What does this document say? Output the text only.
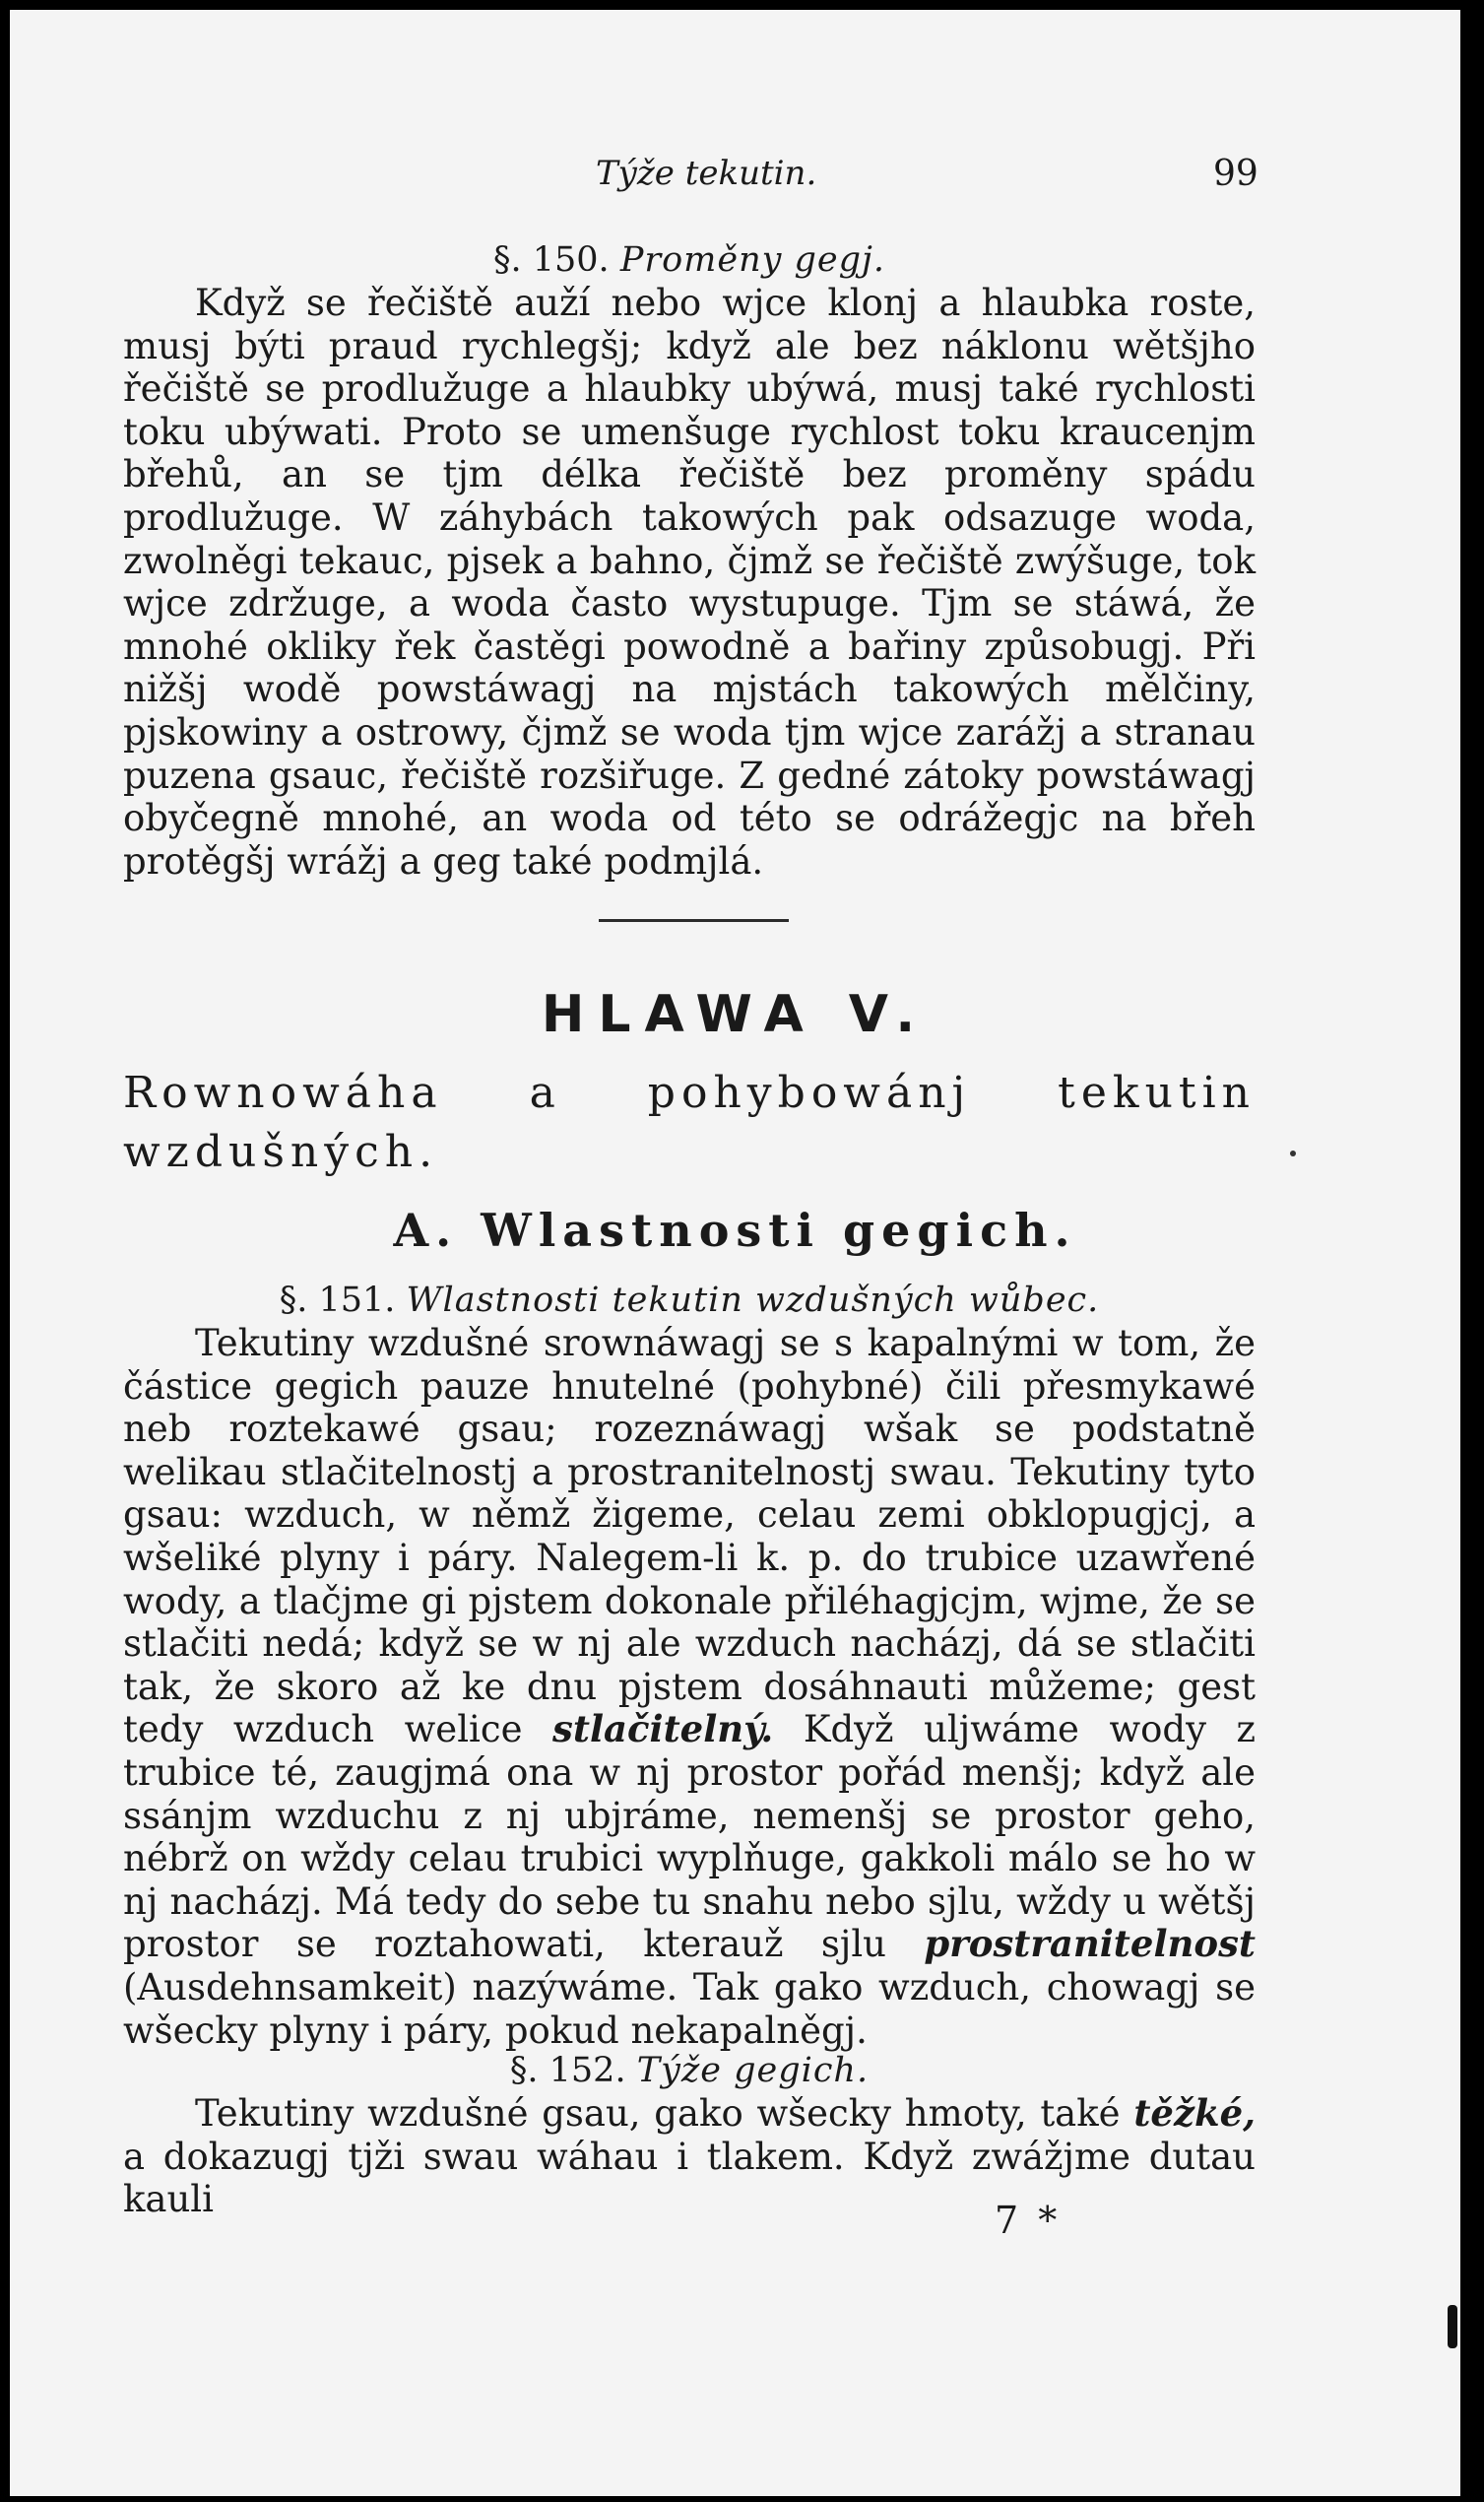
Týže tekutin.	99

§. 150. Proměny gegj.

Když se řečiště auží nebo wjce klonj a hlaubka roste, musj býti praud rychlegšj; když ale bez náklonu wětšjho řečiště se prodlužuge a hlaubky ubýwá, musj také rychlosti toku ubýwati. Proto se umenšuge rychlost toku kraucenjm břehů, an se tjm délka řečiště bez proměny spádu prodlužuge. W záhybách takowých pak odsazuge woda, zwolněgi tekauc, pjsek a bahno, čjmž se řečiště zwýšuge, tok wjce zdržuge, a woda často wystupuge. Tjm se stáwá, že mnohé okliky řek častěgi powodně a bařiny způsobugj. Při nižšj wodě powstáwagj na mjstách takowých mělčiny, pjskowiny a ostrowy, čjmž se woda tjm wjce zarážj a stranau puzena gsauc, řečiště rozšiřuge. Z gedné zátoky powstáwagj obyčegně mnohé, an woda od této se odrážegjc na břeh protěgšj wrážj a geg také podmjlá.

HLAWA V.
Rownowáha a pohybowánj tekutin wzdušných.
A. Wlastnosti gegich.

§. 151. Wlastnosti tekutin wzdušných wůbec.

Tekutiny wzdušné srownáwagj se s kapalnými w tom, že částice gegich pauze hnutelné (pohybné) čili přesmykawé neb roztekawé gsau; rozeznáwagj wšak se podstatně welikau stlačitelnostj a prostranitelnostj swau. Tekutiny tyto gsau: wzduch, w němž žigeme, celau zemi obklopugjcj, a wšeliké plyny i páry. Nalegem-li k. p. do trubice uzawřené wody, a tlačjme gi pjstem dokonale přiléhagjcjm, wjme, že se stlačiti nedá; když se w nj ale wzduch nacházj, dá se stlačiti tak, že skoro až ke dnu pjstem dosáhnauti můžeme; gest tedy wzduch welice stlačitelný. Když uljwáme wody z trubice té, zaugjmá ona w nj prostor pořád menšj; když ale ssánjm wzduchu z nj ubjráme, nemenšj se prostor geho, nébrž on wždy celau trubici wyplňuge, gakkoli málo se ho w nj nacházj. Má tedy do sebe tu snahu nebo sjlu, wždy u wětšj prostor se roztahowati, kterauž sjlu prostranitelnost (Ausdehnsamkeit) nazýwáme. Tak gako wzduch, chowagj se wšecky plyny i páry, pokud nekapalněgj.

§. 152. Týže gegich.

Tekutiny wzdušné gsau, gako wšecky hmoty, také těžké, a dokazugj tjži swau wáhau i tlakem. Když zwážjme dutau kauli	7 *
